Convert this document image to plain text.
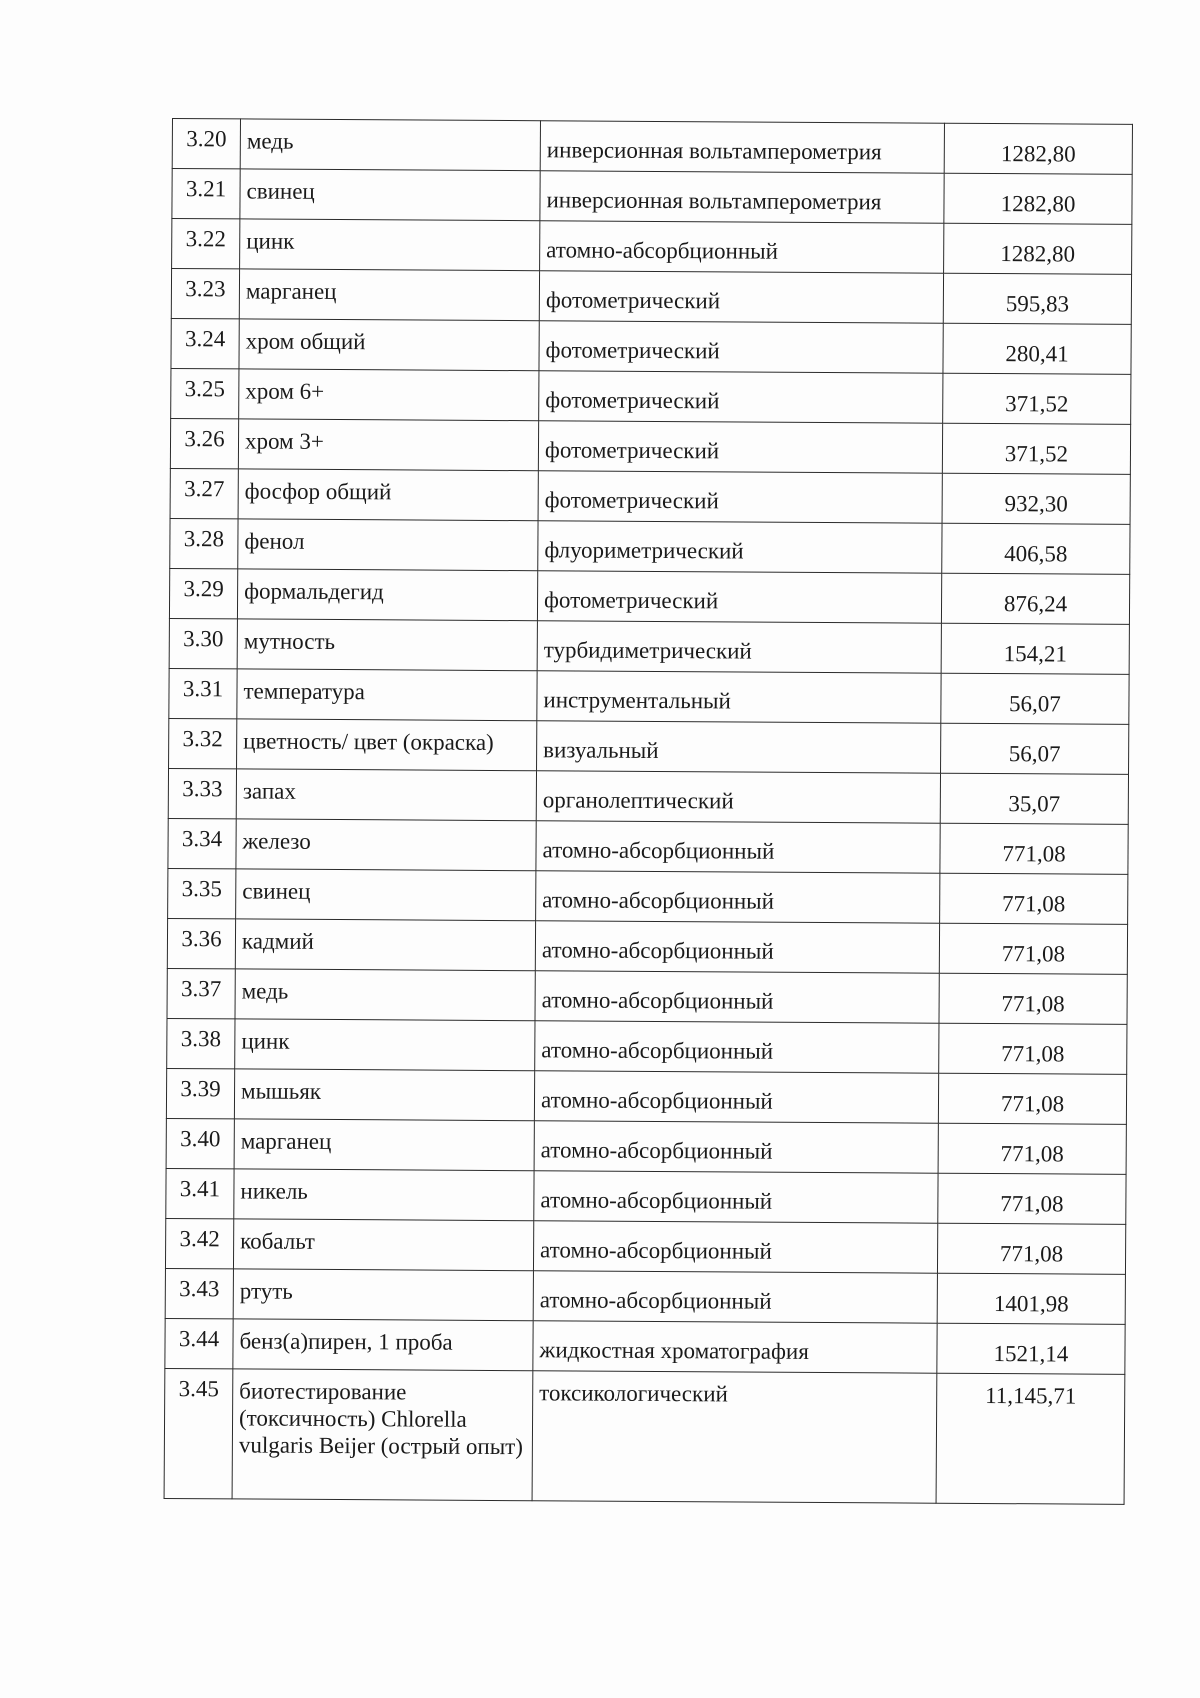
3.20	медь	инверсионная вольтамперометрия	1282,80
3.21	свинец	инверсионная вольтамперометрия	1282,80
3.22	цинк	атомно-абсорбционный	1282,80
3.23	марганец	фотометрический	595,83
3.24	хром общий	фотометрический	280,41
3.25	хром 6+	фотометрический	371,52
3.26	хром 3+	фотометрический	371,52
3.27	фосфор общий	фотометрический	932,30
3.28	фенол	флуориметрический	406,58
3.29	формальдегид	фотометрический	876,24
3.30	мутность	турбидиметрический	154,21
3.31	температура	инструментальный	56,07
3.32	цветность/ цвет (окраска)	визуальный	56,07
3.33	запах	органолептический	35,07
3.34	железо	атомно-абсорбционный	771,08
3.35	свинец	атомно-абсорбционный	771,08
3.36	кадмий	атомно-абсорбционный	771,08
3.37	медь	атомно-абсорбционный	771,08
3.38	цинк	атомно-абсорбционный	771,08
3.39	мышьяк	атомно-абсорбционный	771,08
3.40	марганец	атомно-абсорбционный	771,08
3.41	никель	атомно-абсорбционный	771,08
3.42	кобальт	атомно-абсорбционный	771,08
3.43	ртуть	атомно-абсорбционный	1401,98
3.44	бенз(а)пирен, 1 проба	жидкостная хроматография	1521,14
3.45	биотестирование (токсичность) Chlorella vulgaris Beijer (острый опыт)	токсикологический	11,145,71
